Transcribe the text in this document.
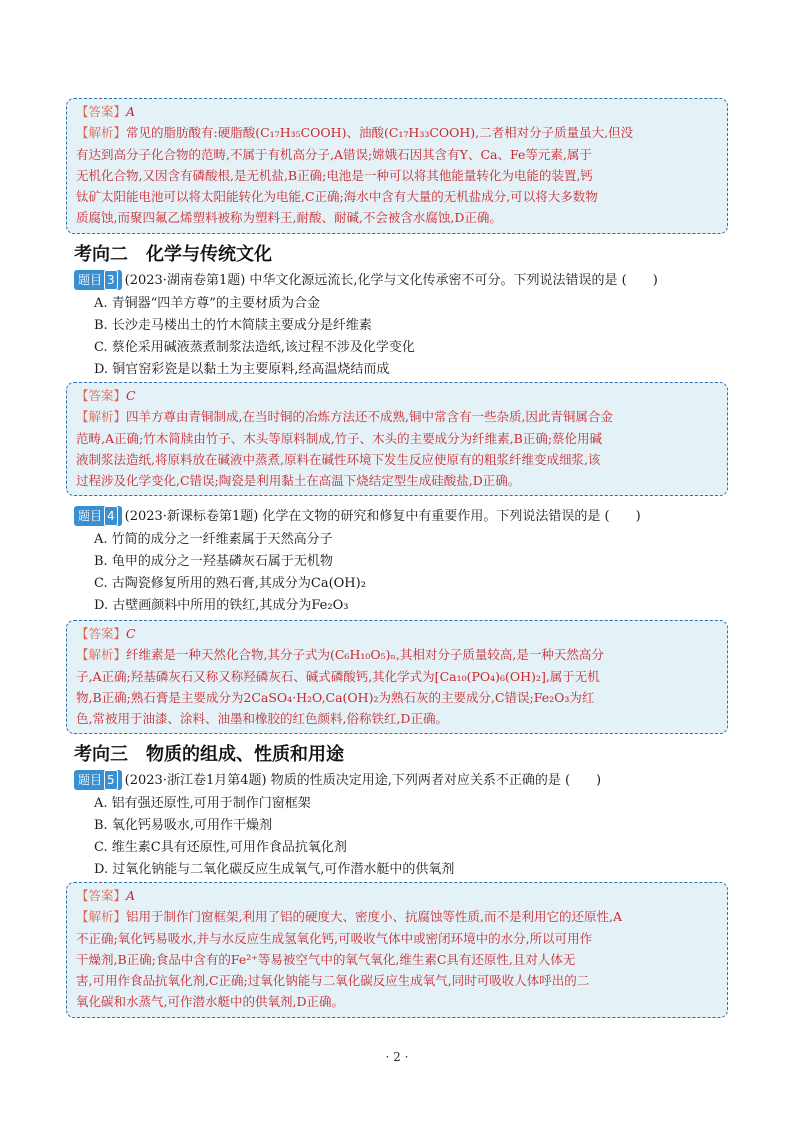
【答案】A

【解析】常见的脂肪酸有:硬脂酸(C₁₇H₃₅COOH)、油酸(C₁₇H₃₃COOH),二者相对分子质量虽大,但没

有达到高分子化合物的范畴,不属于有机高分子,A错误;嫦娥石因其含有Y、Ca、Fe等元素,属于

无机化合物,又因含有磷酸根,是无机盐,B正确;电池是一种可以将其他能量转化为电能的装置,钙

钛矿太阳能电池可以将太阳能转化为电能,C正确;海水中含有大量的无机盐成分,可以将大多数物

质腐蚀,而聚四氟乙烯塑料被称为塑料王,耐酸、耐碱,不会被含水腐蚀,D正确。

考向二　化学与传统文化
题目 3 (2023·湖南卷第1题) 中华文化源远流长,化学与文化传承密不可分。下列说法错误的是 (　　)
A. 青铜器“四羊方尊”的主要材质为合金
B. 长沙走马楼出土的竹木简牍主要成分是纤维素
C. 蔡伦采用碱液蒸煮制浆法造纸,该过程不涉及化学变化
D. 铜官窑彩瓷是以黏土为主要原料,经高温烧结而成
【答案】C

【解析】四羊方尊由青铜制成,在当时铜的冶炼方法还不成熟,铜中常含有一些杂质,因此青铜属合金

范畴,A正确;竹木简牍由竹子、木头等原料制成,竹子、木头的主要成分为纤维素,B正确;蔡伦用碱

液制浆法造纸,将原料放在碱液中蒸煮,原料在碱性环境下发生反应使原有的粗浆纤维变成细浆,该

过程涉及化学变化,C错误;陶瓷是利用黏土在高温下烧结定型生成硅酸盐,D正确。

题目 4 (2023·新课标卷第1题) 化学在文物的研究和修复中有重要作用。下列说法错误的是 (　　)
A. 竹简的成分之一纤维素属于天然高分子
B. 龟甲的成分之一羟基磷灰石属于无机物
C. 古陶瓷修复所用的熟石膏,其成分为Ca(OH)₂
D. 古壁画颜料中所用的铁红,其成分为Fe₂O₃
【答案】C

【解析】纤维素是一种天然化合物,其分子式为(C₆H₁₀O₅)ₙ,其相对分子质量较高,是一种天然高分

子,A正确;羟基磷灰石又称又称羟磷灰石、碱式磷酸钙,其化学式为[Ca₁₀(PO₄)₆(OH)₂],属于无机

物,B正确;熟石膏是主要成分为2CaSO₄·H₂O,Ca(OH)₂为熟石灰的主要成分,C错误;Fe₂O₃为红

色,常被用于油漆、涂料、油墨和橡胶的红色颜料,俗称铁红,D正确。

考向三　物质的组成、性质和用途
题目 5 (2023·浙江卷1月第4题) 物质的性质决定用途,下列两者对应关系不正确的是 (　　)
A. 铝有强还原性,可用于制作门窗框架
B. 氧化钙易吸水,可用作干燥剂
C. 维生素C具有还原性,可用作食品抗氧化剂
D. 过氧化钠能与二氧化碳反应生成氧气,可作潜水艇中的供氧剂
【答案】A

【解析】铝用于制作门窗框架,利用了铝的硬度大、密度小、抗腐蚀等性质,而不是利用它的还原性,A

不正确;氧化钙易吸水,并与水反应生成氢氧化钙,可吸收气体中或密闭环境中的水分,所以可用作

干燥剂,B正确;食品中含有的Fe²⁺等易被空气中的氧气氧化,维生素C具有还原性,且对人体无

害,可用作食品抗氧化剂,C正确;过氧化钠能与二氧化碳反应生成氧气,同时可吸收人体呼出的二

氧化碳和水蒸气,可作潜水艇中的供氧剂,D正确。

· 2 ·
